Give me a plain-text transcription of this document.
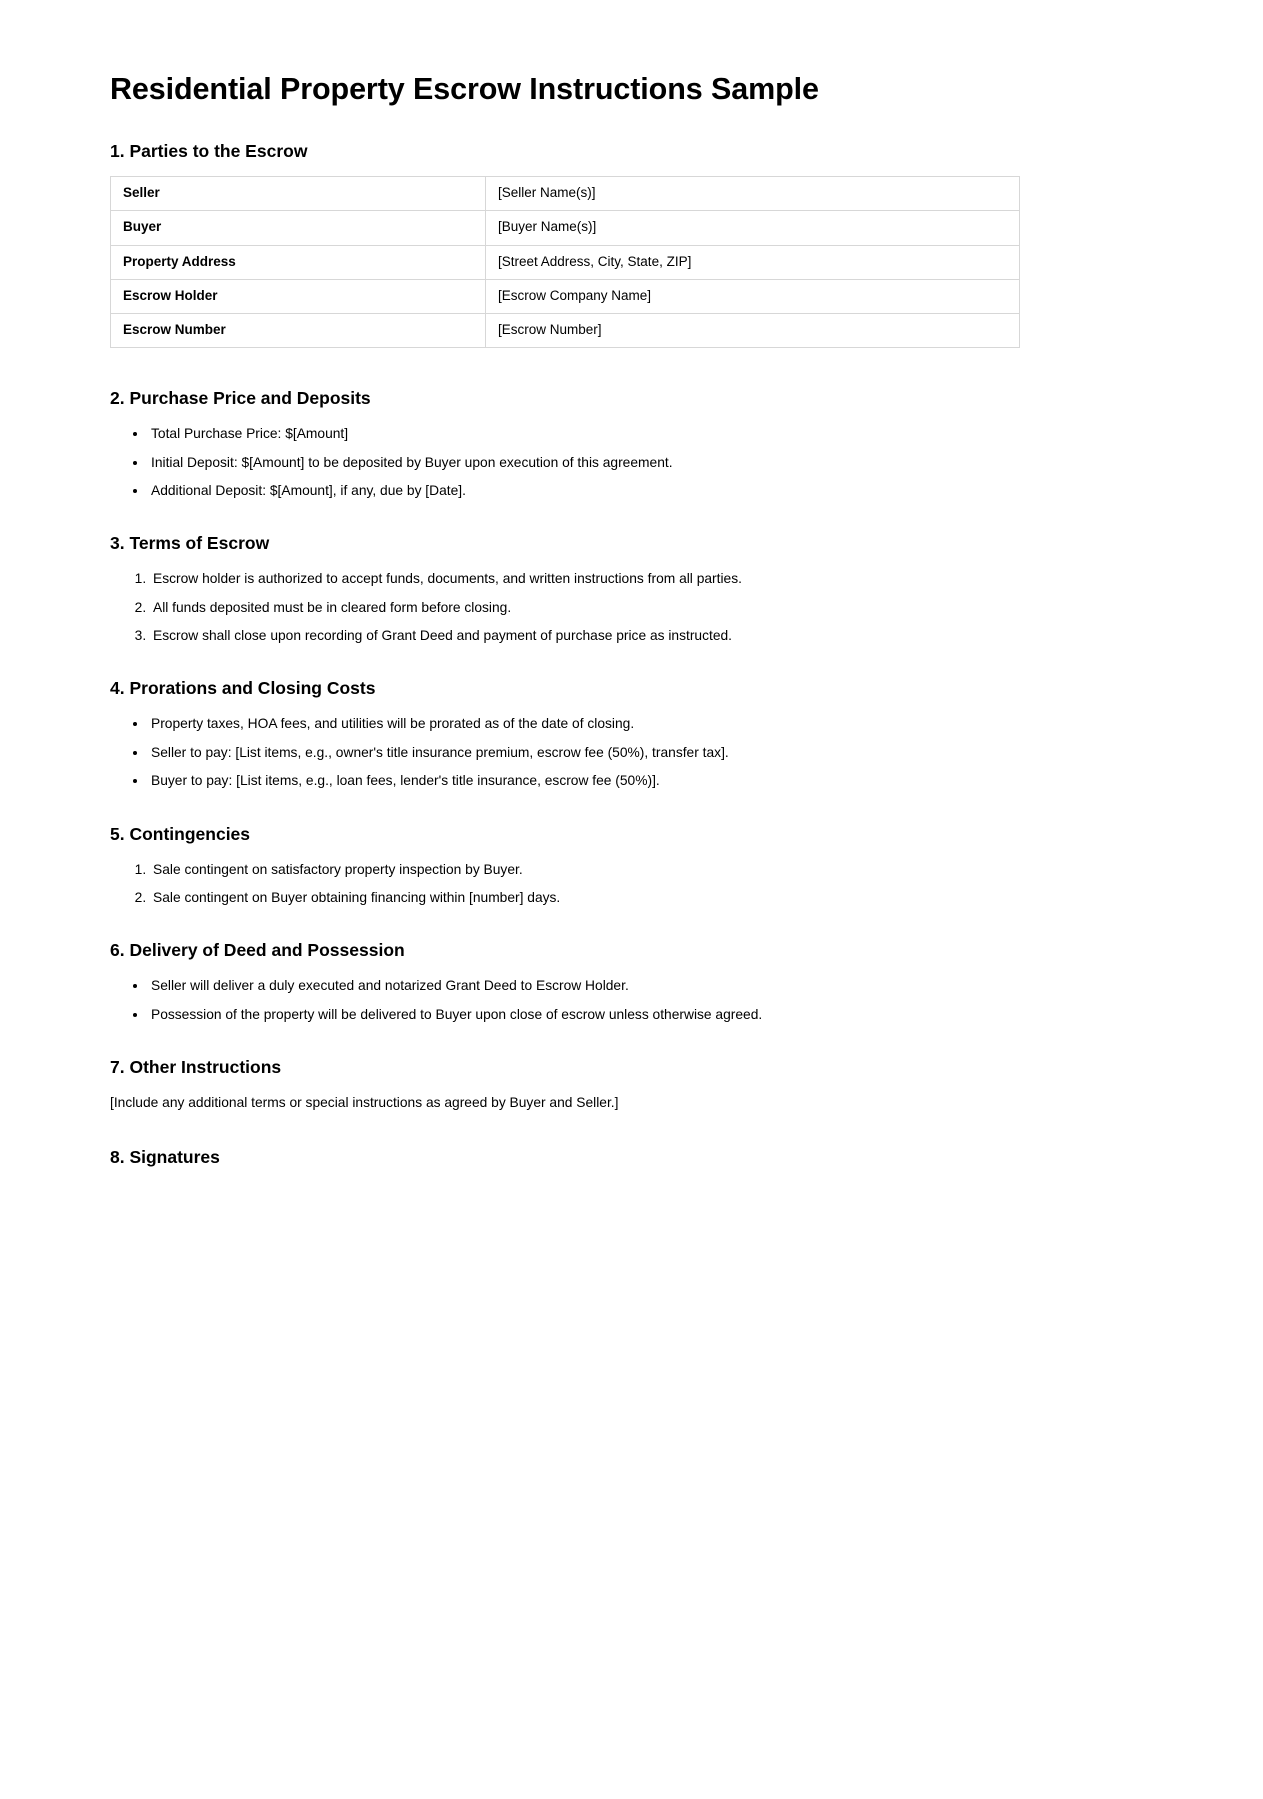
Residential Property Escrow Instructions Sample
1. Parties to the Escrow
Seller	[Seller Name(s)]
Buyer	[Buyer Name(s)]
Property Address	[Street Address, City, State, ZIP]
Escrow Holder	[Escrow Company Name]
Escrow Number	[Escrow Number]
2. Purchase Price and Deposits
• Total Purchase Price: $[Amount]
• Initial Deposit: $[Amount] to be deposited by Buyer upon execution of this agreement.
• Additional Deposit: $[Amount], if any, due by [Date].
3. Terms of Escrow
1. Escrow holder is authorized to accept funds, documents, and written instructions from all parties.
2. All funds deposited must be in cleared form before closing.
3. Escrow shall close upon recording of Grant Deed and payment of purchase price as instructed.
4. Prorations and Closing Costs
• Property taxes, HOA fees, and utilities will be prorated as of the date of closing.
• Seller to pay: [List items, e.g., owner's title insurance premium, escrow fee (50%), transfer tax].
• Buyer to pay: [List items, e.g., loan fees, lender's title insurance, escrow fee (50%)].
5. Contingencies
1. Sale contingent on satisfactory property inspection by Buyer.
2. Sale contingent on Buyer obtaining financing within [number] days.
6. Delivery of Deed and Possession
• Seller will deliver a duly executed and notarized Grant Deed to Escrow Holder.
• Possession of the property will be delivered to Buyer upon close of escrow unless otherwise agreed.
7. Other Instructions

[Include any additional terms or special instructions as agreed by Buyer and Seller.]

8. Signatures
